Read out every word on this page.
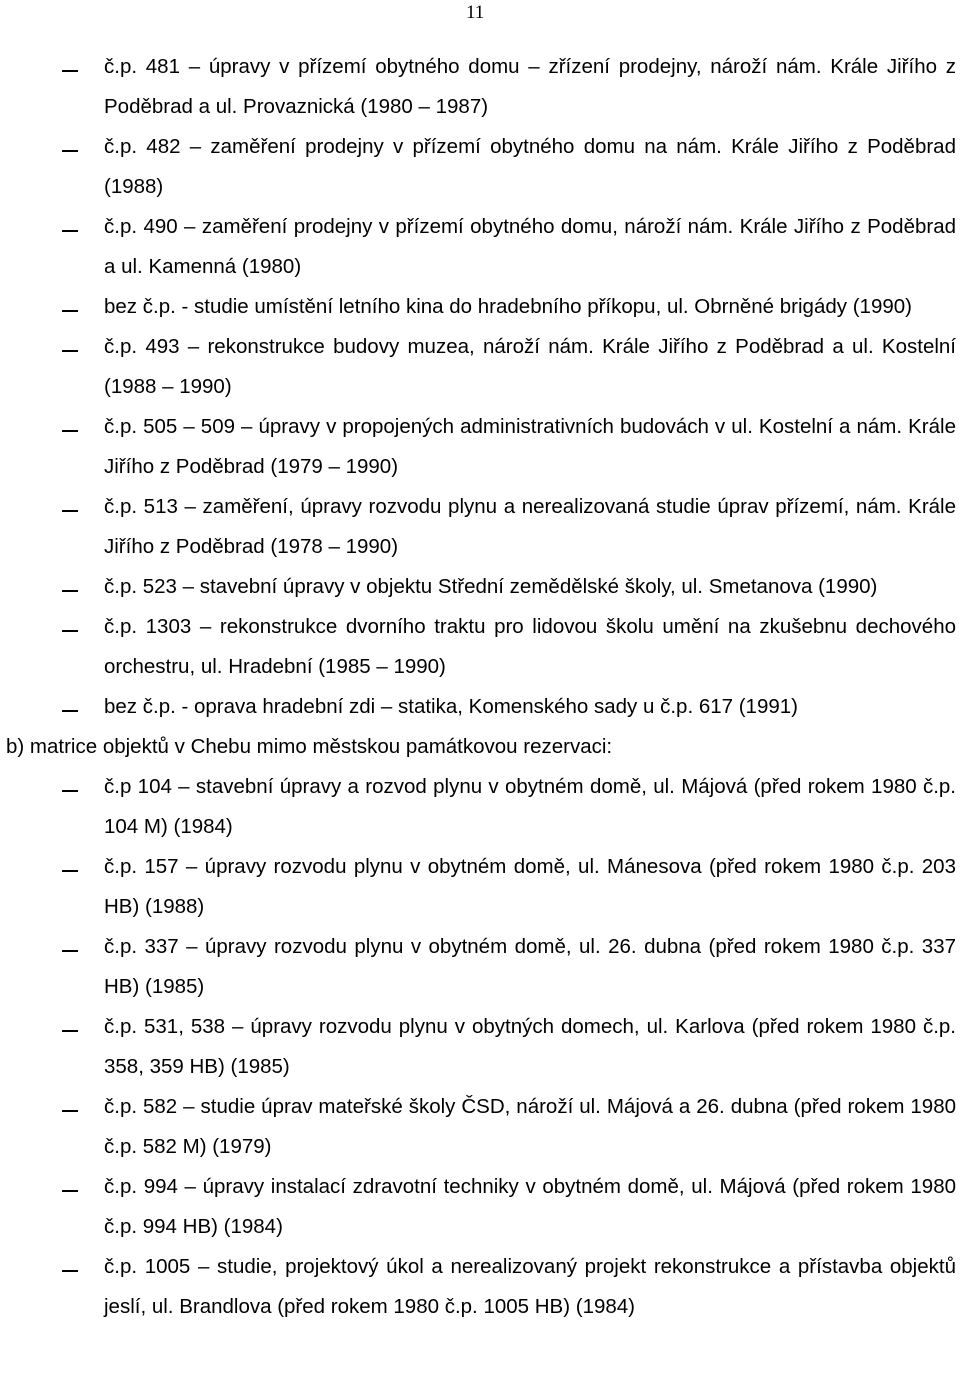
11
č.p. 481 – úpravy v přízemí obytného domu – zřízení prodejny, nároží nám. Krále Jiřího z Poděbrad a ul. Provaznická (1980 – 1987)
č.p. 482 – zaměření prodejny v přízemí obytného domu na nám. Krále Jiřího z Poděbrad (1988)
č.p. 490 – zaměření prodejny v přízemí obytného domu, nároží nám. Krále Jiřího z Poděbrad a ul. Kamenná (1980)
bez č.p. - studie umístění letního kina do hradebního příkopu, ul. Obrněné brigády (1990)
č.p. 493 – rekonstrukce budovy muzea, nároží nám. Krále Jiřího z Poděbrad a ul. Kostelní (1988 – 1990)
č.p. 505 – 509 – úpravy v propojených administrativních budovách v ul. Kostelní a nám. Krále Jiřího z Poděbrad (1979 – 1990)
č.p. 513 – zaměření, úpravy rozvodu plynu a nerealizovaná studie úprav přízemí, nám. Krále Jiřího z Poděbrad (1978 – 1990)
č.p. 523 – stavební úpravy v objektu Střední zemědělské školy, ul. Smetanova (1990)
č.p. 1303 – rekonstrukce dvorního traktu pro lidovou školu umění na zkušebnu dechového orchestru, ul. Hradební (1985 – 1990)
bez č.p. - oprava hradební zdi – statika, Komenského sady u č.p. 617 (1991)
b) matrice objektů v Chebu mimo městskou památkovou rezervaci:
č.p 104 – stavební úpravy a rozvod plynu v obytném domě, ul. Májová (před rokem 1980 č.p. 104 M) (1984)
č.p. 157 – úpravy rozvodu plynu v obytném domě, ul. Mánesova (před rokem 1980 č.p. 203 HB) (1988)
č.p. 337 – úpravy rozvodu plynu v obytném domě, ul. 26. dubna (před rokem 1980 č.p. 337 HB) (1985)
č.p. 531, 538 – úpravy rozvodu plynu v obytných domech, ul. Karlova (před rokem 1980 č.p. 358, 359 HB) (1985)
č.p. 582 – studie úprav mateřské školy ČSD, nároží ul. Májová a 26. dubna (před rokem 1980 č.p. 582 M) (1979)
č.p. 994 – úpravy instalací zdravotní techniky v obytném domě, ul. Májová (před rokem 1980 č.p. 994 HB) (1984)
č.p. 1005 – studie, projektový úkol a nerealizovaný projekt rekonstrukce a přístavba objektů jeslí, ul. Brandlova (před rokem 1980 č.p. 1005 HB) (1984)
